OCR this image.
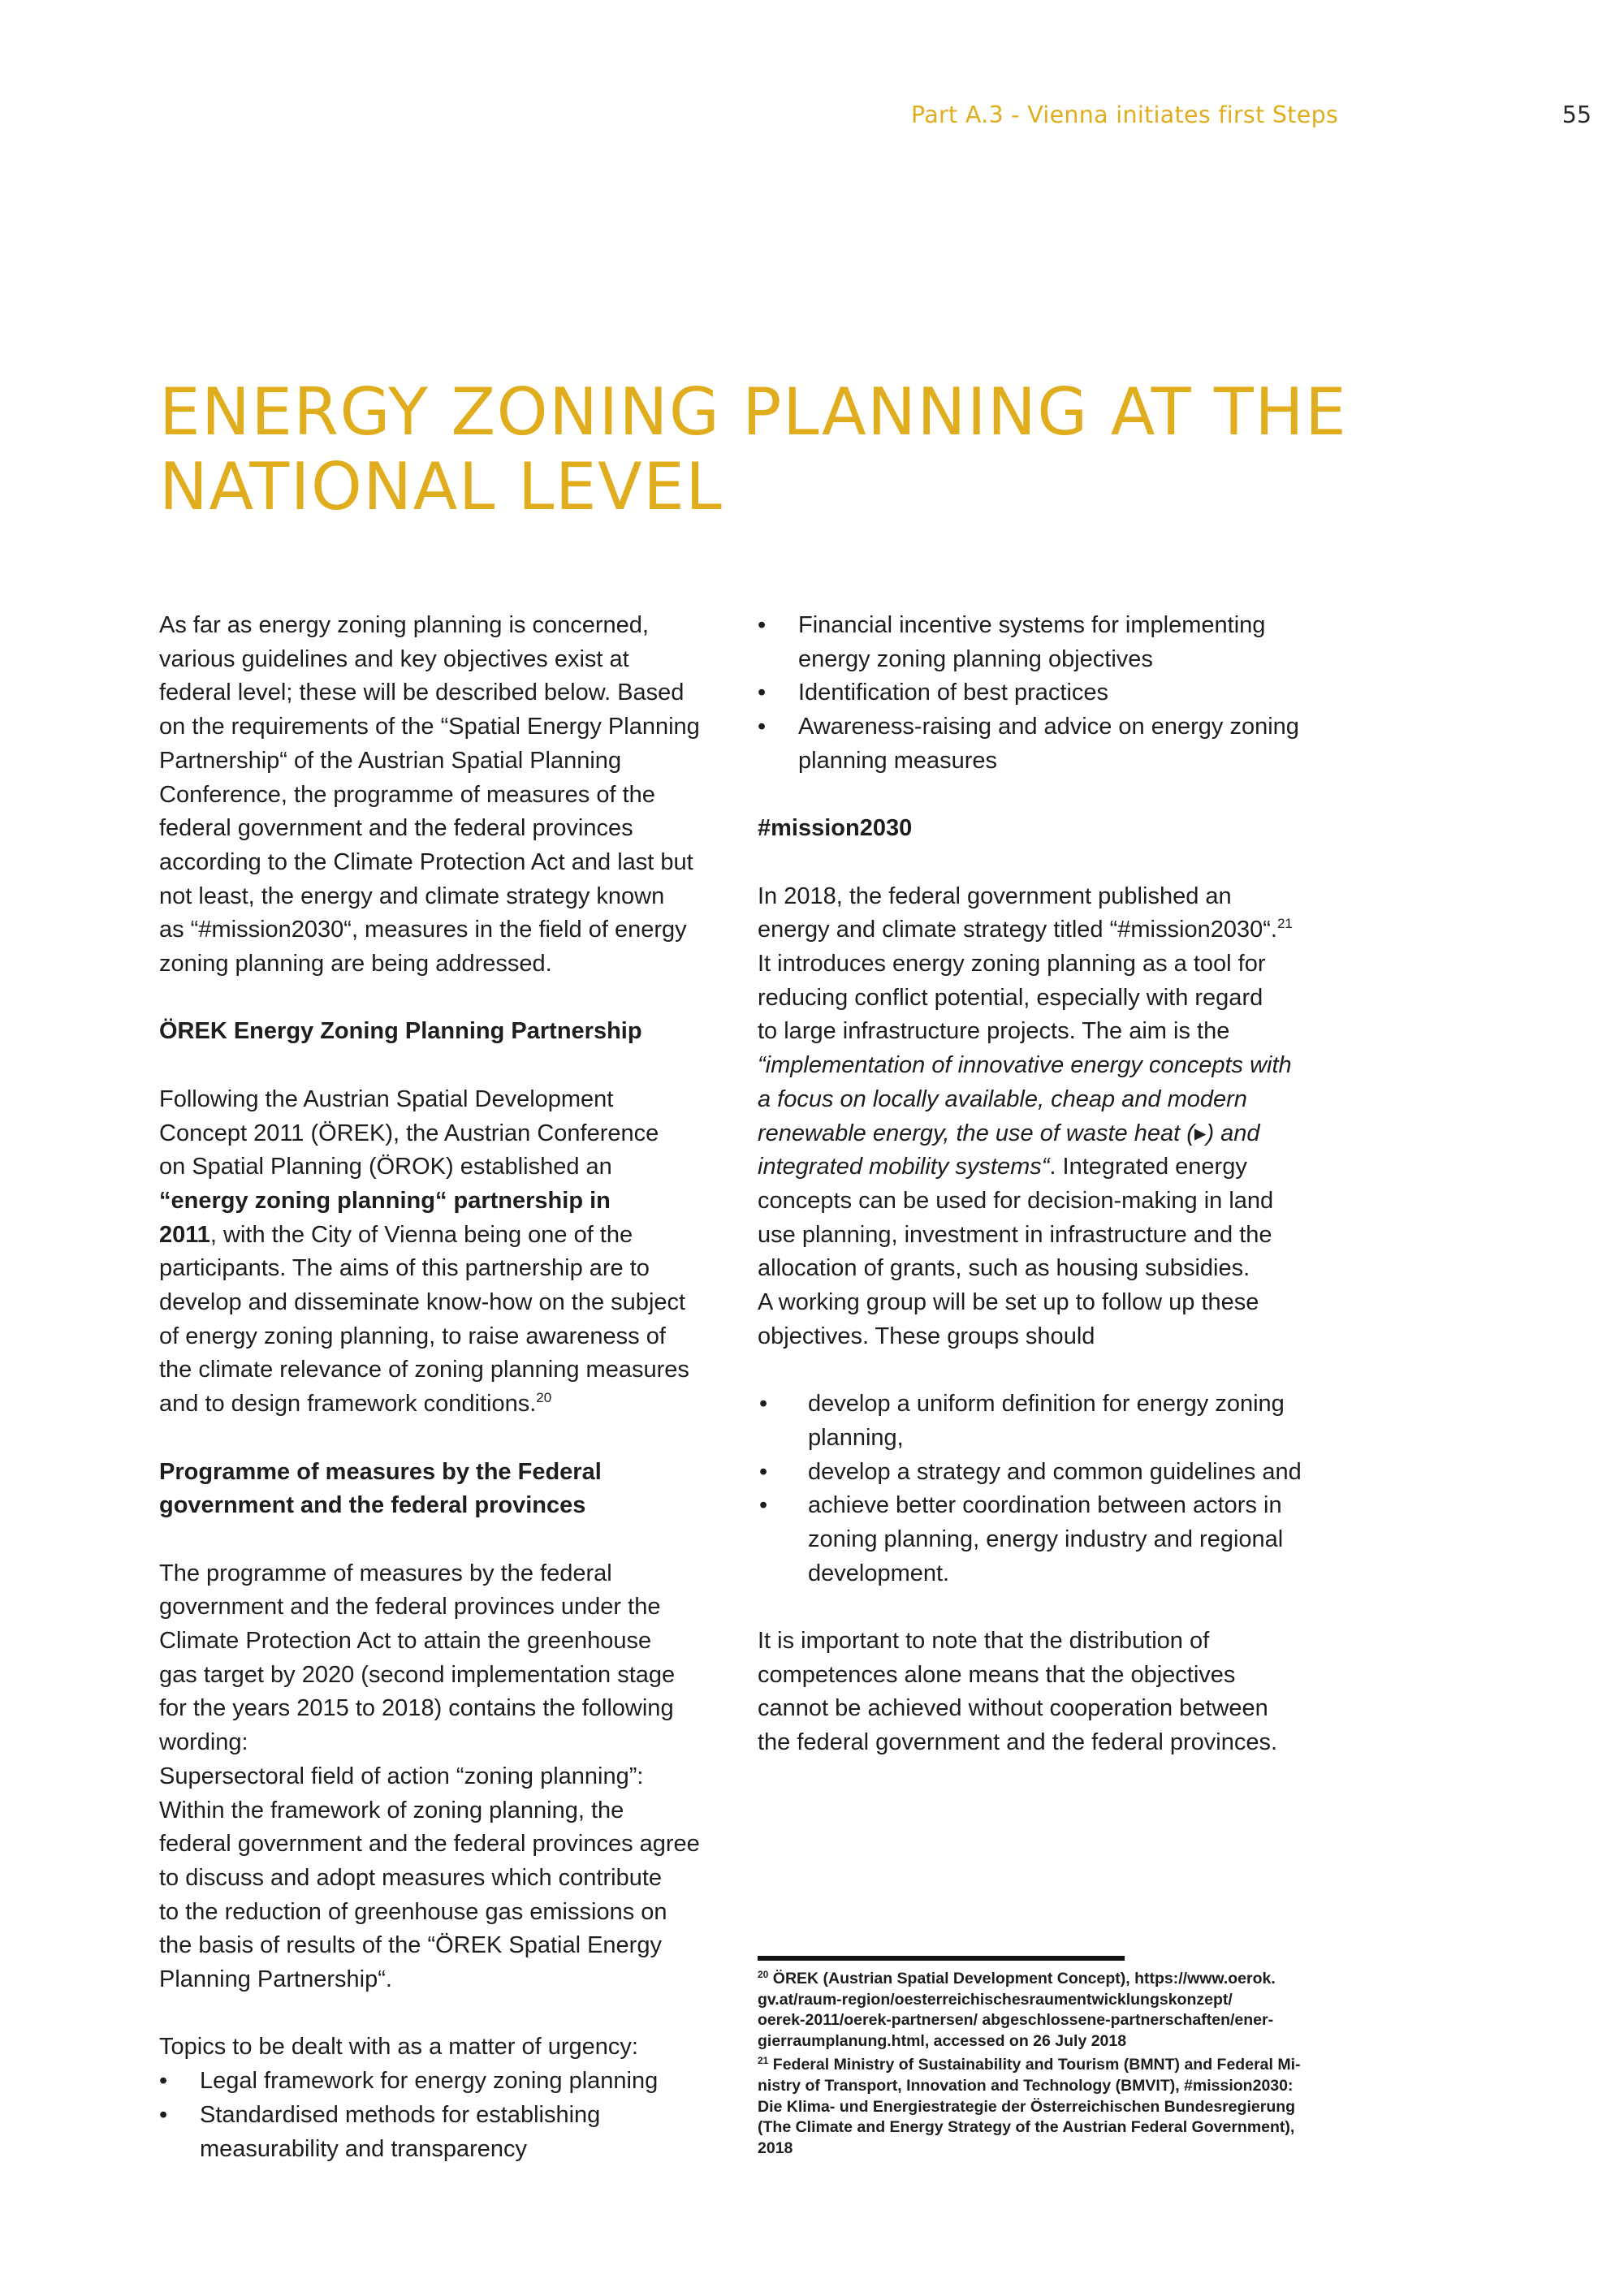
Part A.3 - Vienna initiates first Steps	55
ENERGY ZONING PLANNING AT THE
NATIONAL LEVEL

As far as energy zoning planning is concerned,
various guidelines and key objectives exist at
federal level; these will be described below. Based
on the requirements of the “Spatial Energy Planning
Partnership“ of the Austrian Spatial Planning
Conference, the programme of measures of the
federal government and the federal provinces
according to the Climate Protection Act and last but
not least, the energy and climate strategy known
as “#mission2030“, measures in the field of energy
zoning planning are being addressed.

ÖREK Energy Zoning Planning Partnership

Following the Austrian Spatial Development
Concept 2011 (ÖREK), the Austrian Conference
on Spatial Planning (ÖROK) established an
“energy zoning planning“ partnership in
2011, with the City of Vienna being one of the
participants. The aims of this partnership are to
develop and disseminate know-how on the subject
of energy zoning planning, to raise awareness of
the climate relevance of zoning planning measures
and to design framework conditions.$^{20}$

Programme of measures by the Federal
government and the federal provinces

The programme of measures by the federal
government and the federal provinces under the
Climate Protection Act to attain the greenhouse
gas target by 2020 (second implementation stage
for the years 2015 to 2018) contains the following
wording:
Supersectoral field of action “zoning planning”:
Within the framework of zoning planning, the
federal government and the federal provinces agree
to discuss and adopt measures which contribute
to the reduction of greenhouse gas emissions on
the basis of results of the “ÖREK Spatial Energy
Planning Partnership“.

Topics to be dealt with as a matter of urgency:

•	Legal framework for energy zoning planning
•	Standardised methods for establishing
measurability and transparency
•	Financial incentive systems for implementing
energy zoning planning objectives
•	Identification of best practices
•	Awareness-raising and advice on energy zoning
planning measures

#mission2030

In 2018, the federal government published an
energy and climate strategy titled “#mission2030“.$^{21}$
It introduces energy zoning planning as a tool for
reducing conflict potential, especially with regard
to large infrastructure projects. The aim is the
“implementation of innovative energy concepts with
a focus on locally available, cheap and modern
renewable energy, the use of waste heat (▸) and
integrated mobility systems“. Integrated energy
concepts can be used for decision-making in land
use planning, investment in infrastructure and the
allocation of grants, such as housing subsidies.
A working group will be set up to follow up these
objectives. These groups should

•	develop a uniform definition for energy zoning
planning,
•	develop a strategy and common guidelines and
•	achieve better coordination between actors in
zoning planning, energy industry and regional
development.

It is important to note that the distribution of
competences alone means that the objectives
cannot be achieved without cooperation between
the federal government and the federal provinces.

$^{20}$ ÖREK (Austrian Spatial Development Concept), https://www.oerok.
gv.at/raum-region/oesterreichischesraumentwicklungskonzept/
oerek-2011/oerek-partnersen/ abgeschlossene-partnerschaften/ener-
gierraumplanung.html, accessed on 26 July 2018
$^{21}$ Federal Ministry of Sustainability and Tourism (BMNT) and Federal Mi-
nistry of Transport, Innovation and Technology (BMVIT), #mission2030:
Die Klima- und Energiestrategie der Österreichischen Bundesregierung
(The Climate and Energy Strategy of the Austrian Federal Government),
2018
